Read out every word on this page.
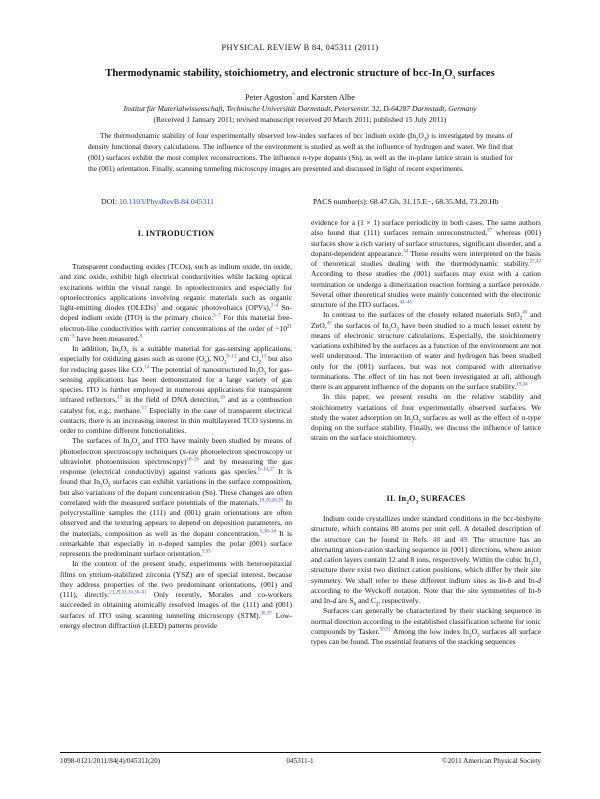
PHYSICAL REVIEW B 84, 045311 (2011)
Thermodynamic stability, stoichiometry, and electronic structure of bcc-$In_2O_3$ surfaces
Peter Agoston* and Karsten Albe
Institut für Materialwissenschaft, Technische Universität Darmstadt, Petersenstr. 32, D-64287 Darmstadt, Germany
(Received 1 January 2011; revised manuscript received 20 March 2011; published 15 July 2011)
The thermodynamic stability of four experimentally observed low-index surfaces of bcc indium oxide $(In_2O_3)$ is investigated by means of density functional theory calculations. The influence of the environment is studied as well as the influence of hydrogen and water. We find that (001) surfaces exhibit the most complex reconstructions. The influence n-type dopants (Sn), as well as the in-plane lattice strain is studied for the (001) orientation. Finally, scanning tunneling microscopy images are presented and discussed in light of recent experiments.
DOI: 10.1103/PhysRevB.84.045311	PACS number(s): 68.47.Gh, 31.15.E−, 68.35.Md, 73.20.Hb
I. INTRODUCTION

Transparent conducting oxides (TCOs), such as indium oxide, tin oxide, and zinc oxide, exhibit high electrical conductivities while lacking optical excitations within the visual range. In optoelectronics and especially for optoelectronics applications involving organic materials such as organic light-emitting diodes (OLEDs)$^1$ and organic photovoltaics (OPVs),$^{2-4}$ Sn-doped indium oxide (ITO) is the primary choice.$^{5-7}$ For this material free-electron-like conductivities with carrier concentrations of the order of $\sim 10^{21}$ $cm^{-3}$ have been measured.$^8$

In addition, $In_2O_3$ is a suitable material for gas-sensing applications, especially for oxidizing gases such as ozone $(O_3)$, $NO_2^{9-12}$ and $Cl_2^{13}$ but also for reducing gases like CO.$^{14}$ The potential of nanostructured $In_2O_3$ for gas-sensing applications has been demonstrated for a large variety of gas species. ITO is further employed in numerous applications for transparent infrared reflectors,$^{15}$ in the field of DNA detection,$^{16}$ and as a combustion catalyst for, e.g., methane.$^{17}$ Especially in the case of transparent electrical contacts, there is an increasing interest in thin multilayered TCO systems in order to combine different functionalities.

The surfaces of $In_2O_3$ and ITO have mainly been studied by means of photoelectron spectroscopy techniques (x-ray photoelectron spectroscopy or ultraviolet photoemission spectroscopy)$^{18-26}$ and by measuring the gas response (electrical conductivity) against various gas species.$^{9-14,27}$ It is found that $In_2O_3$ surfaces can exhibit variations in the surface composition, but also variations of the dopant concentration (Sn). These changes are often correlated with the measured surface potentials of the materials.$^{19,20,28,29}$ In polycrystalline samples the (111) and (001) grain orientations are often observed and the texturing appears to depend on deposition parameters, on the materials, composition as well as the dopant concentration.$^{5,30-34}$ It is remarkable that especially in n-doped samples the polar (001) surface represents the predominant surface orientation.$^{5,35}$

In the context of the present study, experiments with heteroepitaxial films on yttrium-stabilized zirconia (YSZ) are of special interest, because they address properties of the two predominant orientations, (001) and (111), directly.$^{23,29,33,34,36-41}$ Only recently, Morales and co-workers succeeded in obtaining atomically resolved images of the (111) and (001) surfaces of ITO using scanning tunneling microscopy (STM).$^{36,37}$ Low-energy electron diffraction (LEED) patterns provide

evidence for a (1 × 1) surface periodicity in both cases. The same authors also found that (111) surfaces remain unreconstructed,$^{37}$ whereas (001) surfaces show a rich variety of surface structures, significant disorder, and a dopant-dependent appearance.$^{34}$ These results were interpreted on the basis of theoretical studies dealing with the thermodynamic stability.$^{27,42}$ According to these studies the (001) surfaces may exist with a cation termination or undergo a dimerization reaction forming a surface peroxide. Several other theoretical studies were mainly concerned with the electronic structure of the ITO surfaces.$^{43-45}$

In contrast to the surfaces of the closely related materials SnO$_2^{46}$ and ZnO,$^{47}$ the surfaces of $In_2O_3$ have been studied to a much lesser extent by means of electronic structure calculations. Especially, the stoichiometry variations exhibited by the surfaces as a function of the environment are not well understood. The interaction of water and hydrogen has been studied only for the (001) surfaces, but was not compared with alternative terminations. The effect of tin has not been investigated at all, although there is an apparent influence of the dopants on the surface stability.$^{19,34}$

In this paper, we present results on the relative stability and stoichiometry variations of four experimentally observed surfaces. We study the water adsorption on $In_2O_3$ surfaces as well as the effect of n-type doping on the surface stability. Finally, we discuss the influence of lattice strain on the surface stoichiometry.

II. $In_2O_3$ SURFACES

Indium oxide crystallizes under standard conditions in the bcc-bixbyite structure, which contains 80 atoms per unit cell. A detailed description of the structure can be found in Refs. 48 and 49. The structure has an alternating anion-cation stacking sequence in {001} directions, where anion and cation layers contain 12 and 8 ions, respectively. Within the cubic $In_2O_3$ structure there exist two distinct cation positions, which differ by their site symmetry. We shall refer to these different indium sites as In-b and In-d according to the Wyckoff notation. Note that the site symmetries of In-b and In-d are $S_6$ and $C_2$, respectively.

Surfaces can generally be characterized by their stacking sequence in normal direction according to the established classification scheme for ionic compounds by Tasker.$^{50,51}$ Among the low index $In_2O_3$ surfaces all surface types can be found. The essential features of the stacking sequences

1098-0121/2011/84(4)/045311(20)	045311-1	©2011 American Physical Society
